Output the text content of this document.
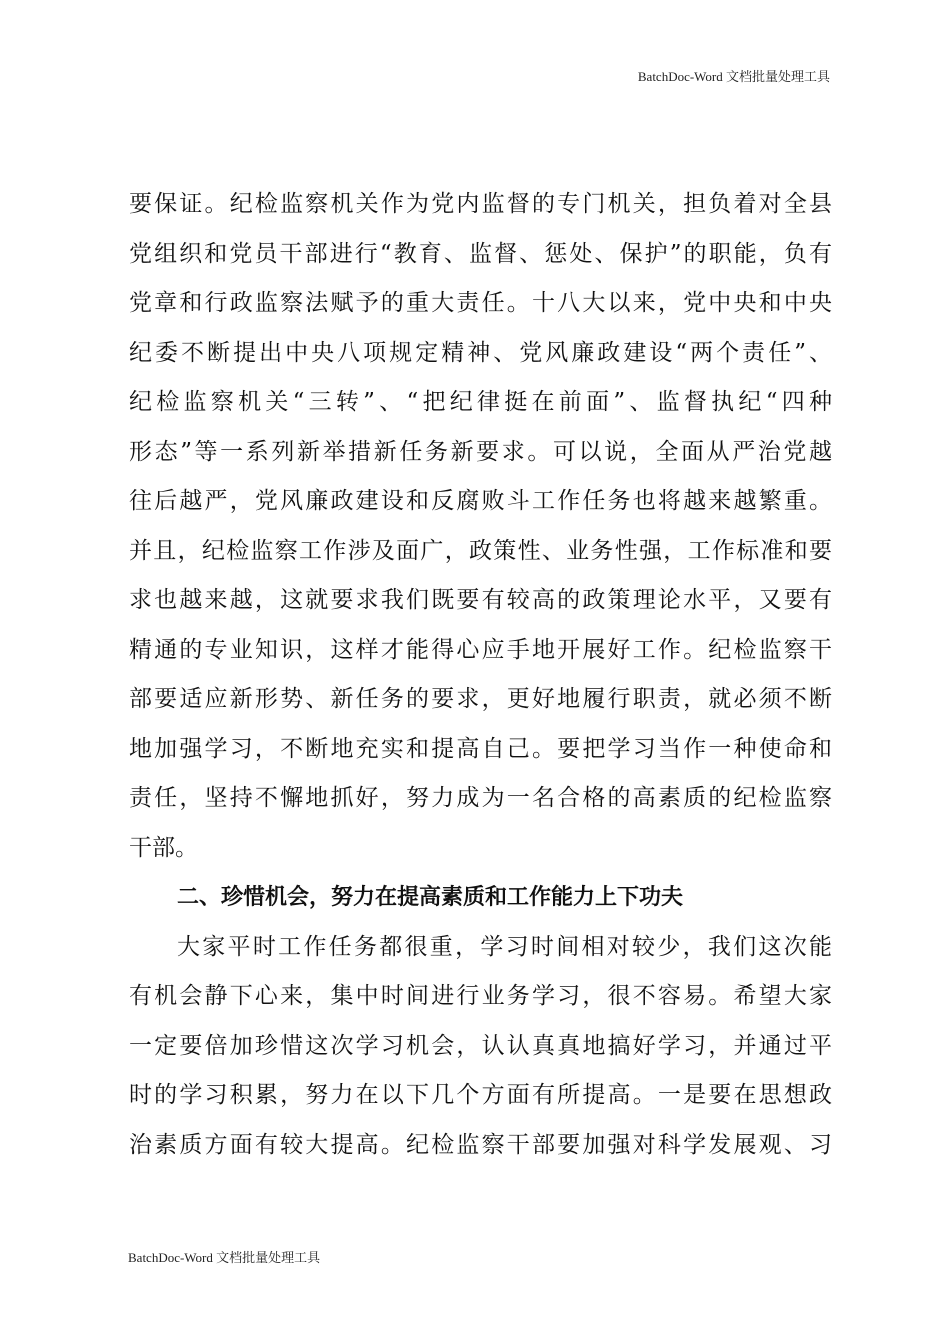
BatchDoc-Word 文档批量处理工具
要保证。纪检监察机关作为党内监督的专门机关，担负着对全县
党组织和党员干部进行“教育、监督、惩处、保护”的职能，负有
党章和行政监察法赋予的重大责任。十八大以来，党中央和中央
纪委不断提出中央八项规定精神、党风廉政建设“两个责任”、
纪检监察机关“三转”、“把纪律挺在前面”、监督执纪“四种
形态”等一系列新举措新任务新要求。可以说，全面从严治党越
往后越严，党风廉政建设和反腐败斗工作任务也将越来越繁重。
并且，纪检监察工作涉及面广，政策性、业务性强，工作标准和要
求也越来越，这就要求我们既要有较高的政策理论水平，又要有
精通的专业知识，这样才能得心应手地开展好工作。纪检监察干
部要适应新形势、新任务的要求，更好地履行职责，就必须不断
地加强学习，不断地充实和提高自己。要把学习当作一种使命和
责任，坚持不懈地抓好，努力成为一名合格的高素质的纪检监察
干部。
二、珍惜机会，努力在提高素质和工作能力上下功夫
大家平时工作任务都很重，学习时间相对较少，我们这次能
有机会静下心来，集中时间进行业务学习，很不容易。希望大家
一定要倍加珍惜这次学习机会，认认真真地搞好学习，并通过平
时的学习积累，努力在以下几个方面有所提高。一是要在思想政
治素质方面有较大提高。纪检监察干部要加强对科学发展观、习
BatchDoc-Word 文档批量处理工具
